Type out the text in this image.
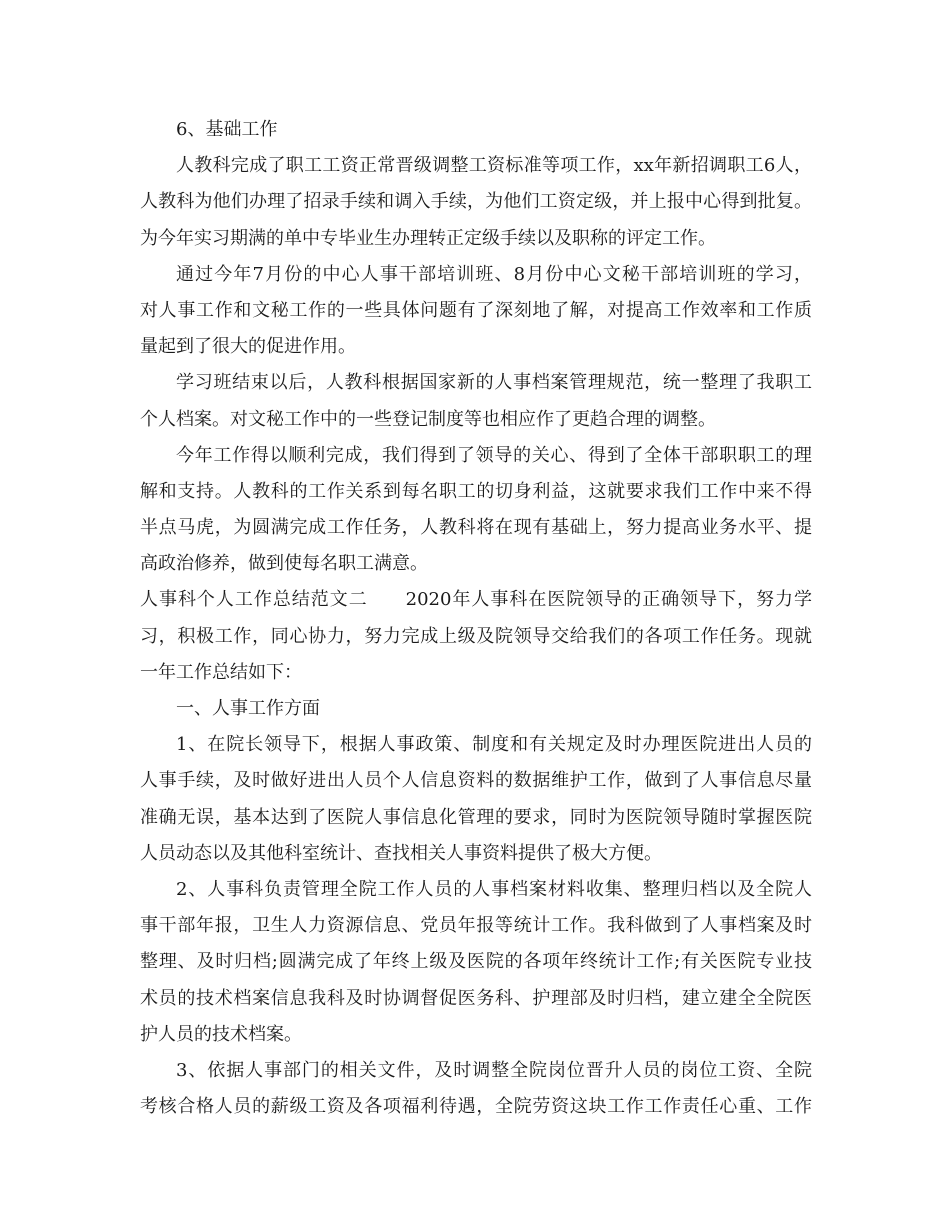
6、基础工作
人教科完成了职工工资正常晋级调整工资标准等项工作，xx年新招调职工6人，
人教科为他们办理了招录手续和调入手续，为他们工资定级，并上报中心得到批复。
为今年实习期满的单中专毕业生办理转正定级手续以及职称的评定工作。
通过今年7月份的中心人事干部培训班、8月份中心文秘干部培训班的学习，
对人事工作和文秘工作的一些具体问题有了深刻地了解，对提高工作效率和工作质
量起到了很大的促进作用。
学习班结束以后，人教科根据国家新的人事档案管理规范，统一整理了我职工
个人档案。对文秘工作中的一些登记制度等也相应作了更趋合理的调整。
今年工作得以顺利完成，我们得到了领导的关心、得到了全体干部职职工的理
解和支持。人教科的工作关系到每名职工的切身利益，这就要求我们工作中来不得
半点马虎，为圆满完成工作任务，人教科将在现有基础上，努力提高业务水平、提
高政治修养，做到使每名职工满意。
人事科个人工作总结范文二　　2020年人事科在医院领导的正确领导下，努力学
习，积极工作，同心协力，努力完成上级及院领导交给我们的各项工作任务。现就
一年工作总结如下：
一、人事工作方面
1、在院长领导下，根据人事政策、制度和有关规定及时办理医院进出人员的
人事手续，及时做好进出人员个人信息资料的数据维护工作，做到了人事信息尽量
准确无误，基本达到了医院人事信息化管理的要求，同时为医院领导随时掌握医院
人员动态以及其他科室统计、查找相关人事资料提供了极大方便。
2、人事科负责管理全院工作人员的人事档案材料收集、整理归档以及全院人
事干部年报，卫生人力资源信息、党员年报等统计工作。我科做到了人事档案及时
整理、及时归档;圆满完成了年终上级及医院的各项年终统计工作;有关医院专业技
术员的技术档案信息我科及时协调督促医务科、护理部及时归档，建立建全全院医
护人员的技术档案。
3、依据人事部门的相关文件，及时调整全院岗位晋升人员的岗位工资、全院
考核合格人员的薪级工资及各项福利待遇，全院劳资这块工作工作责任心重、工作
